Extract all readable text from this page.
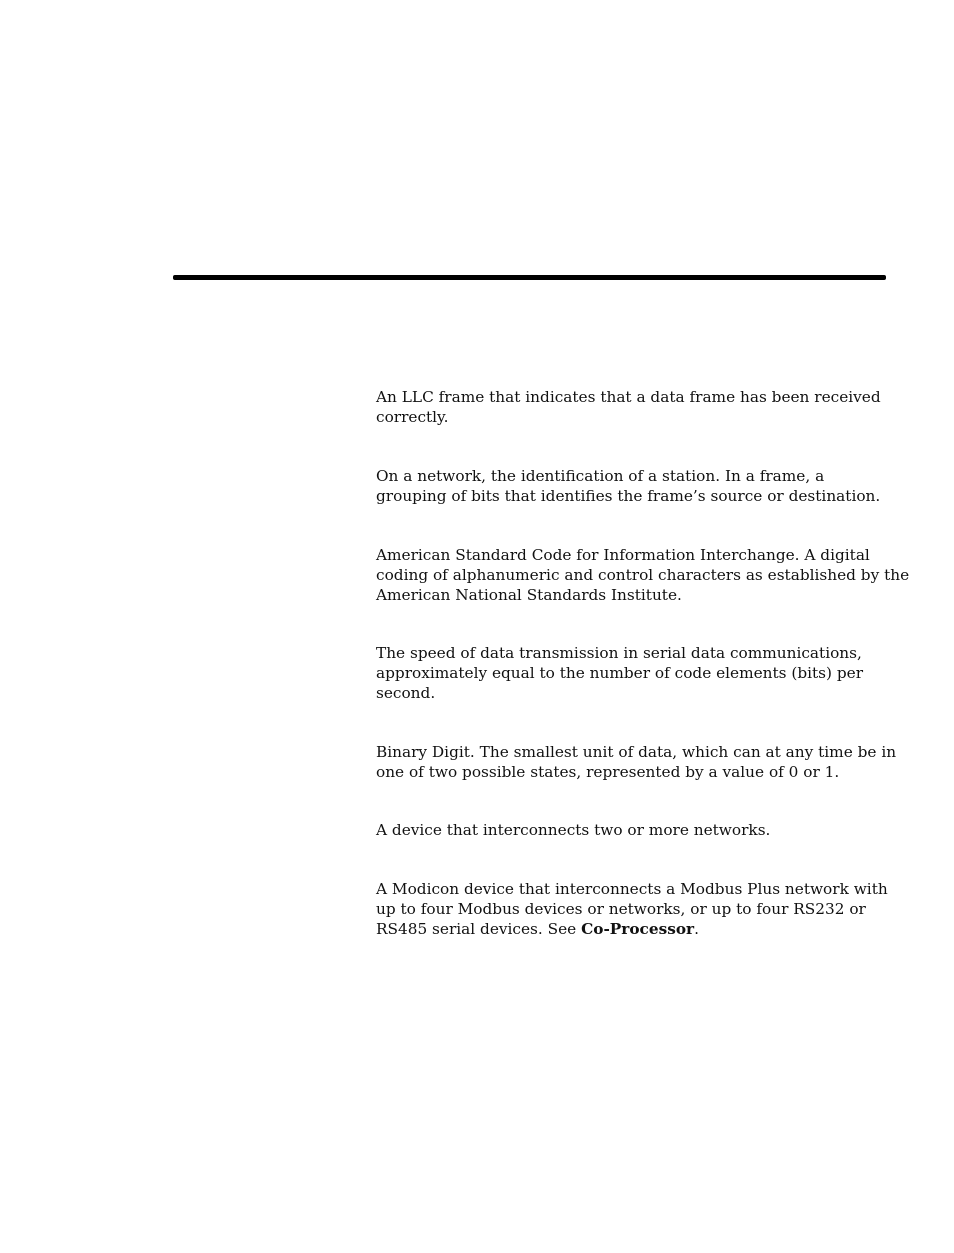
An LLC frame that indicates that a data frame has been received
correctly.
On a network, the identification of a station. In a frame, a
grouping of bits that identifies the frame’s source or destination.
American Standard Code for Information Interchange. A digital
coding of alphanumeric and control characters as established by the
American National Standards Institute.
The speed of data transmission in serial data communications,
approximately equal to the number of code elements (bits) per
second.
Binary Digit. The smallest unit of data, which can at any time be in
one of two possible states, represented by a value of 0 or 1.
A device that interconnects two or more networks.
A Modicon device that interconnects a Modbus Plus network with
up to four Modbus devices or networks, or up to four RS232 or
RS485 serial devices. See Co-Processor.
